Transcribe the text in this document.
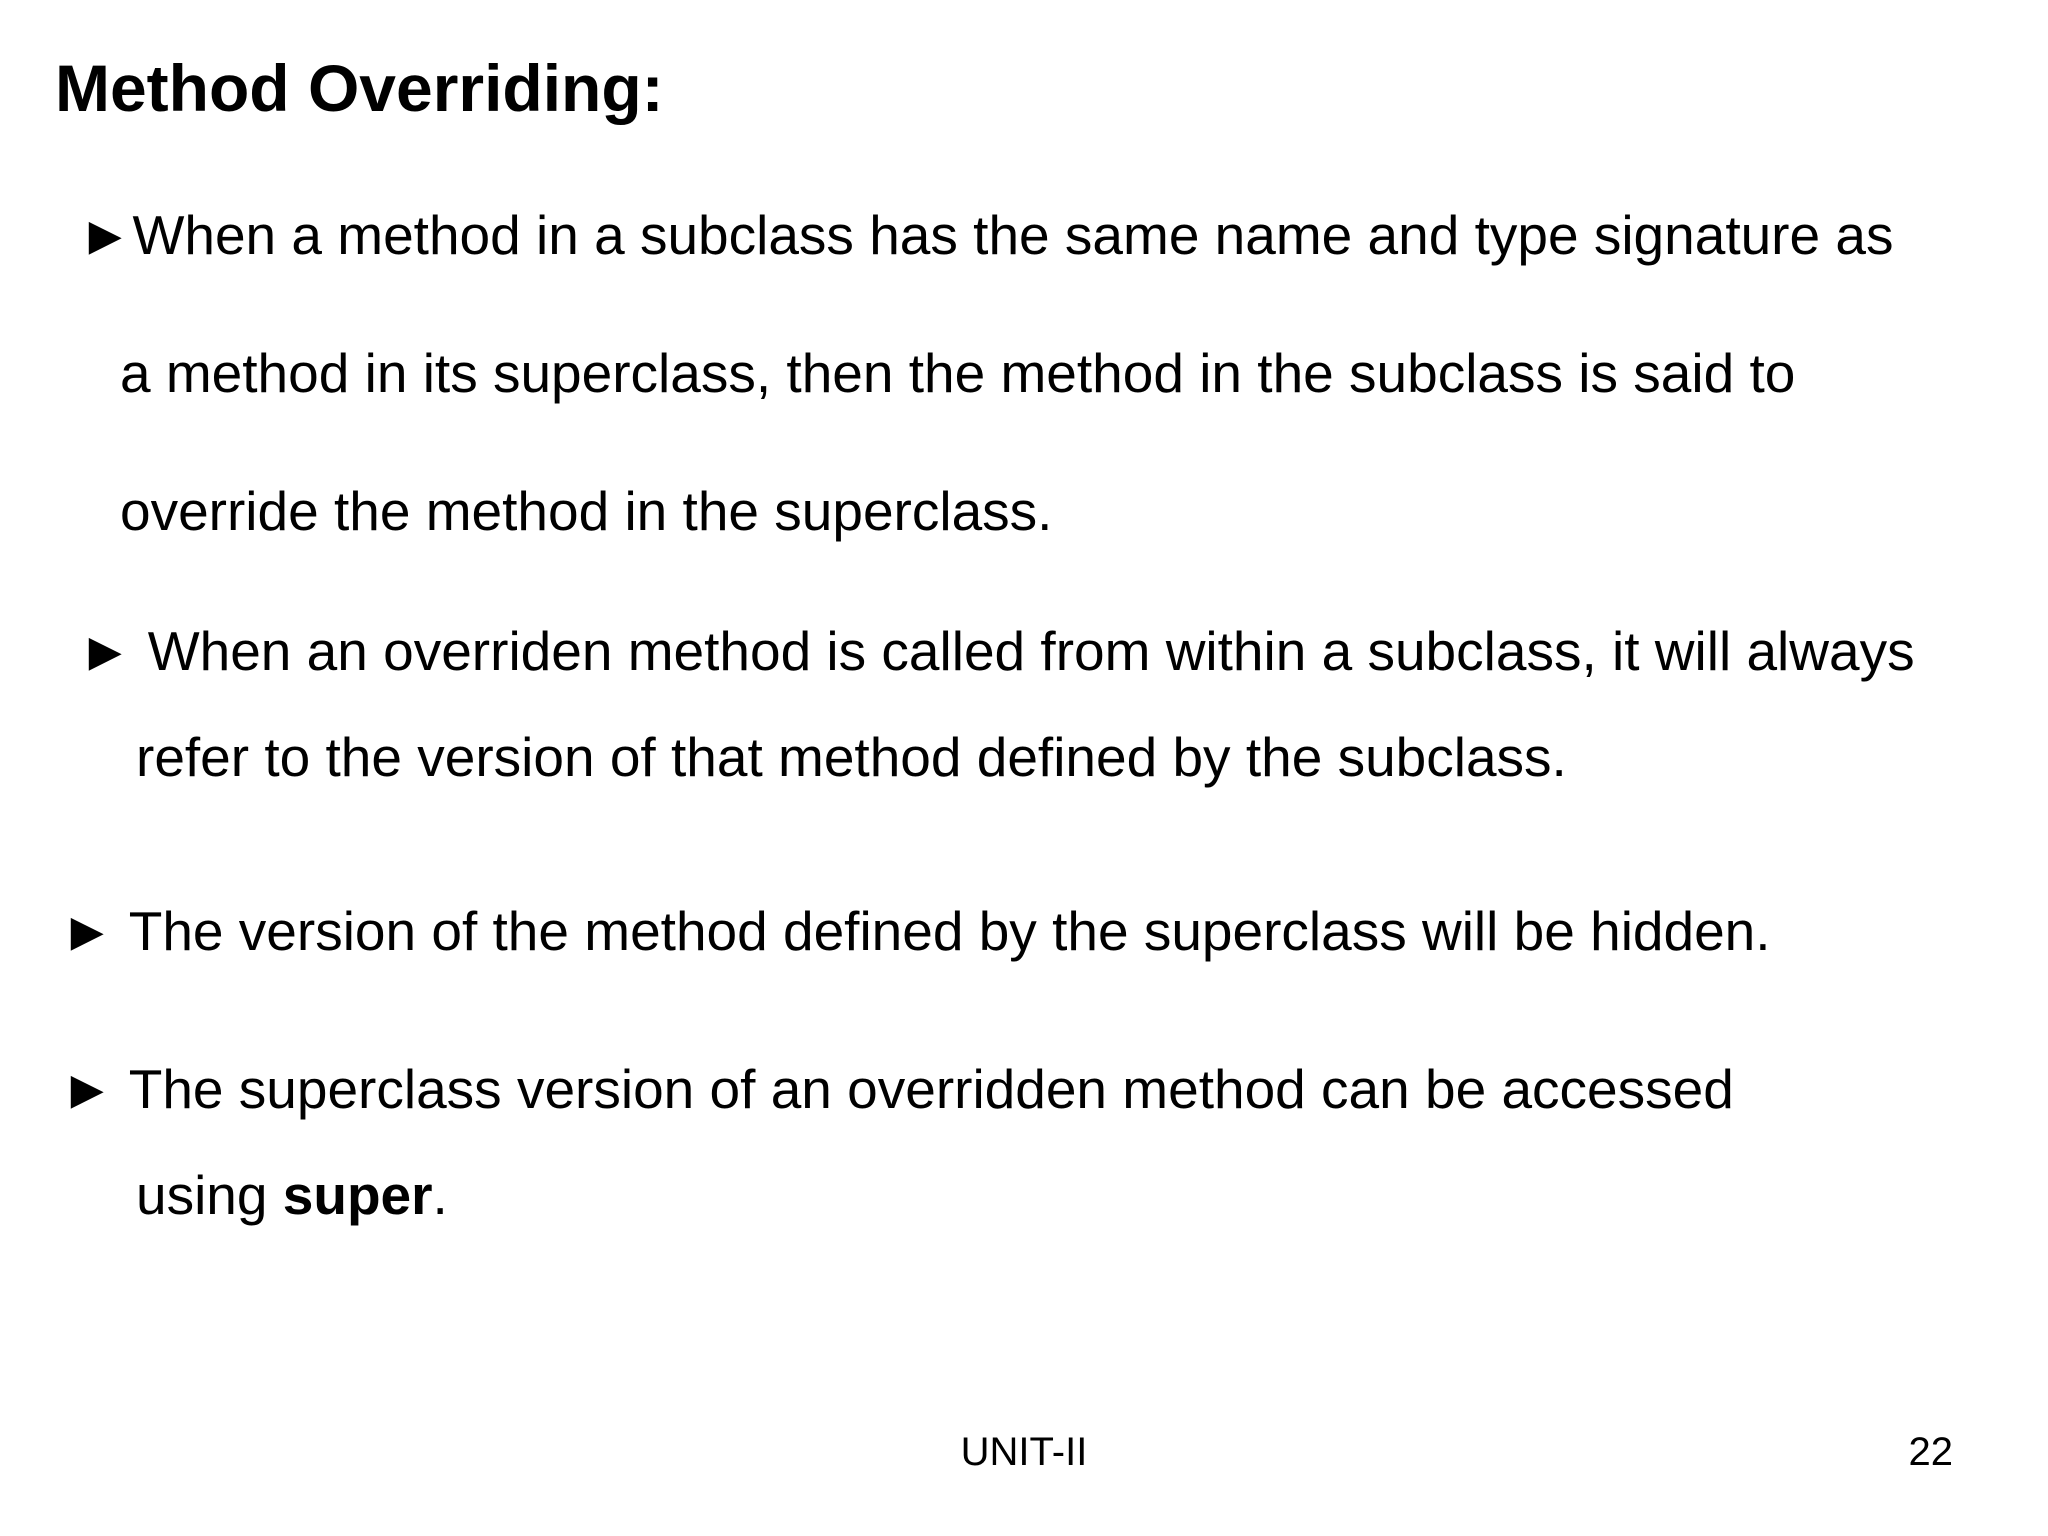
Method Overriding:

►When a method in a subclass has the same name and type signature as

a method in its superclass, then the method in the subclass is said to

override the method in the superclass.

► When an overriden method is called from within a subclass, it will always

refer to the version of that method defined by the subclass.

► The version of the method defined by the superclass will be hidden.

► The superclass version of an overridden method can be accessed

using super.

UNIT-II	22
